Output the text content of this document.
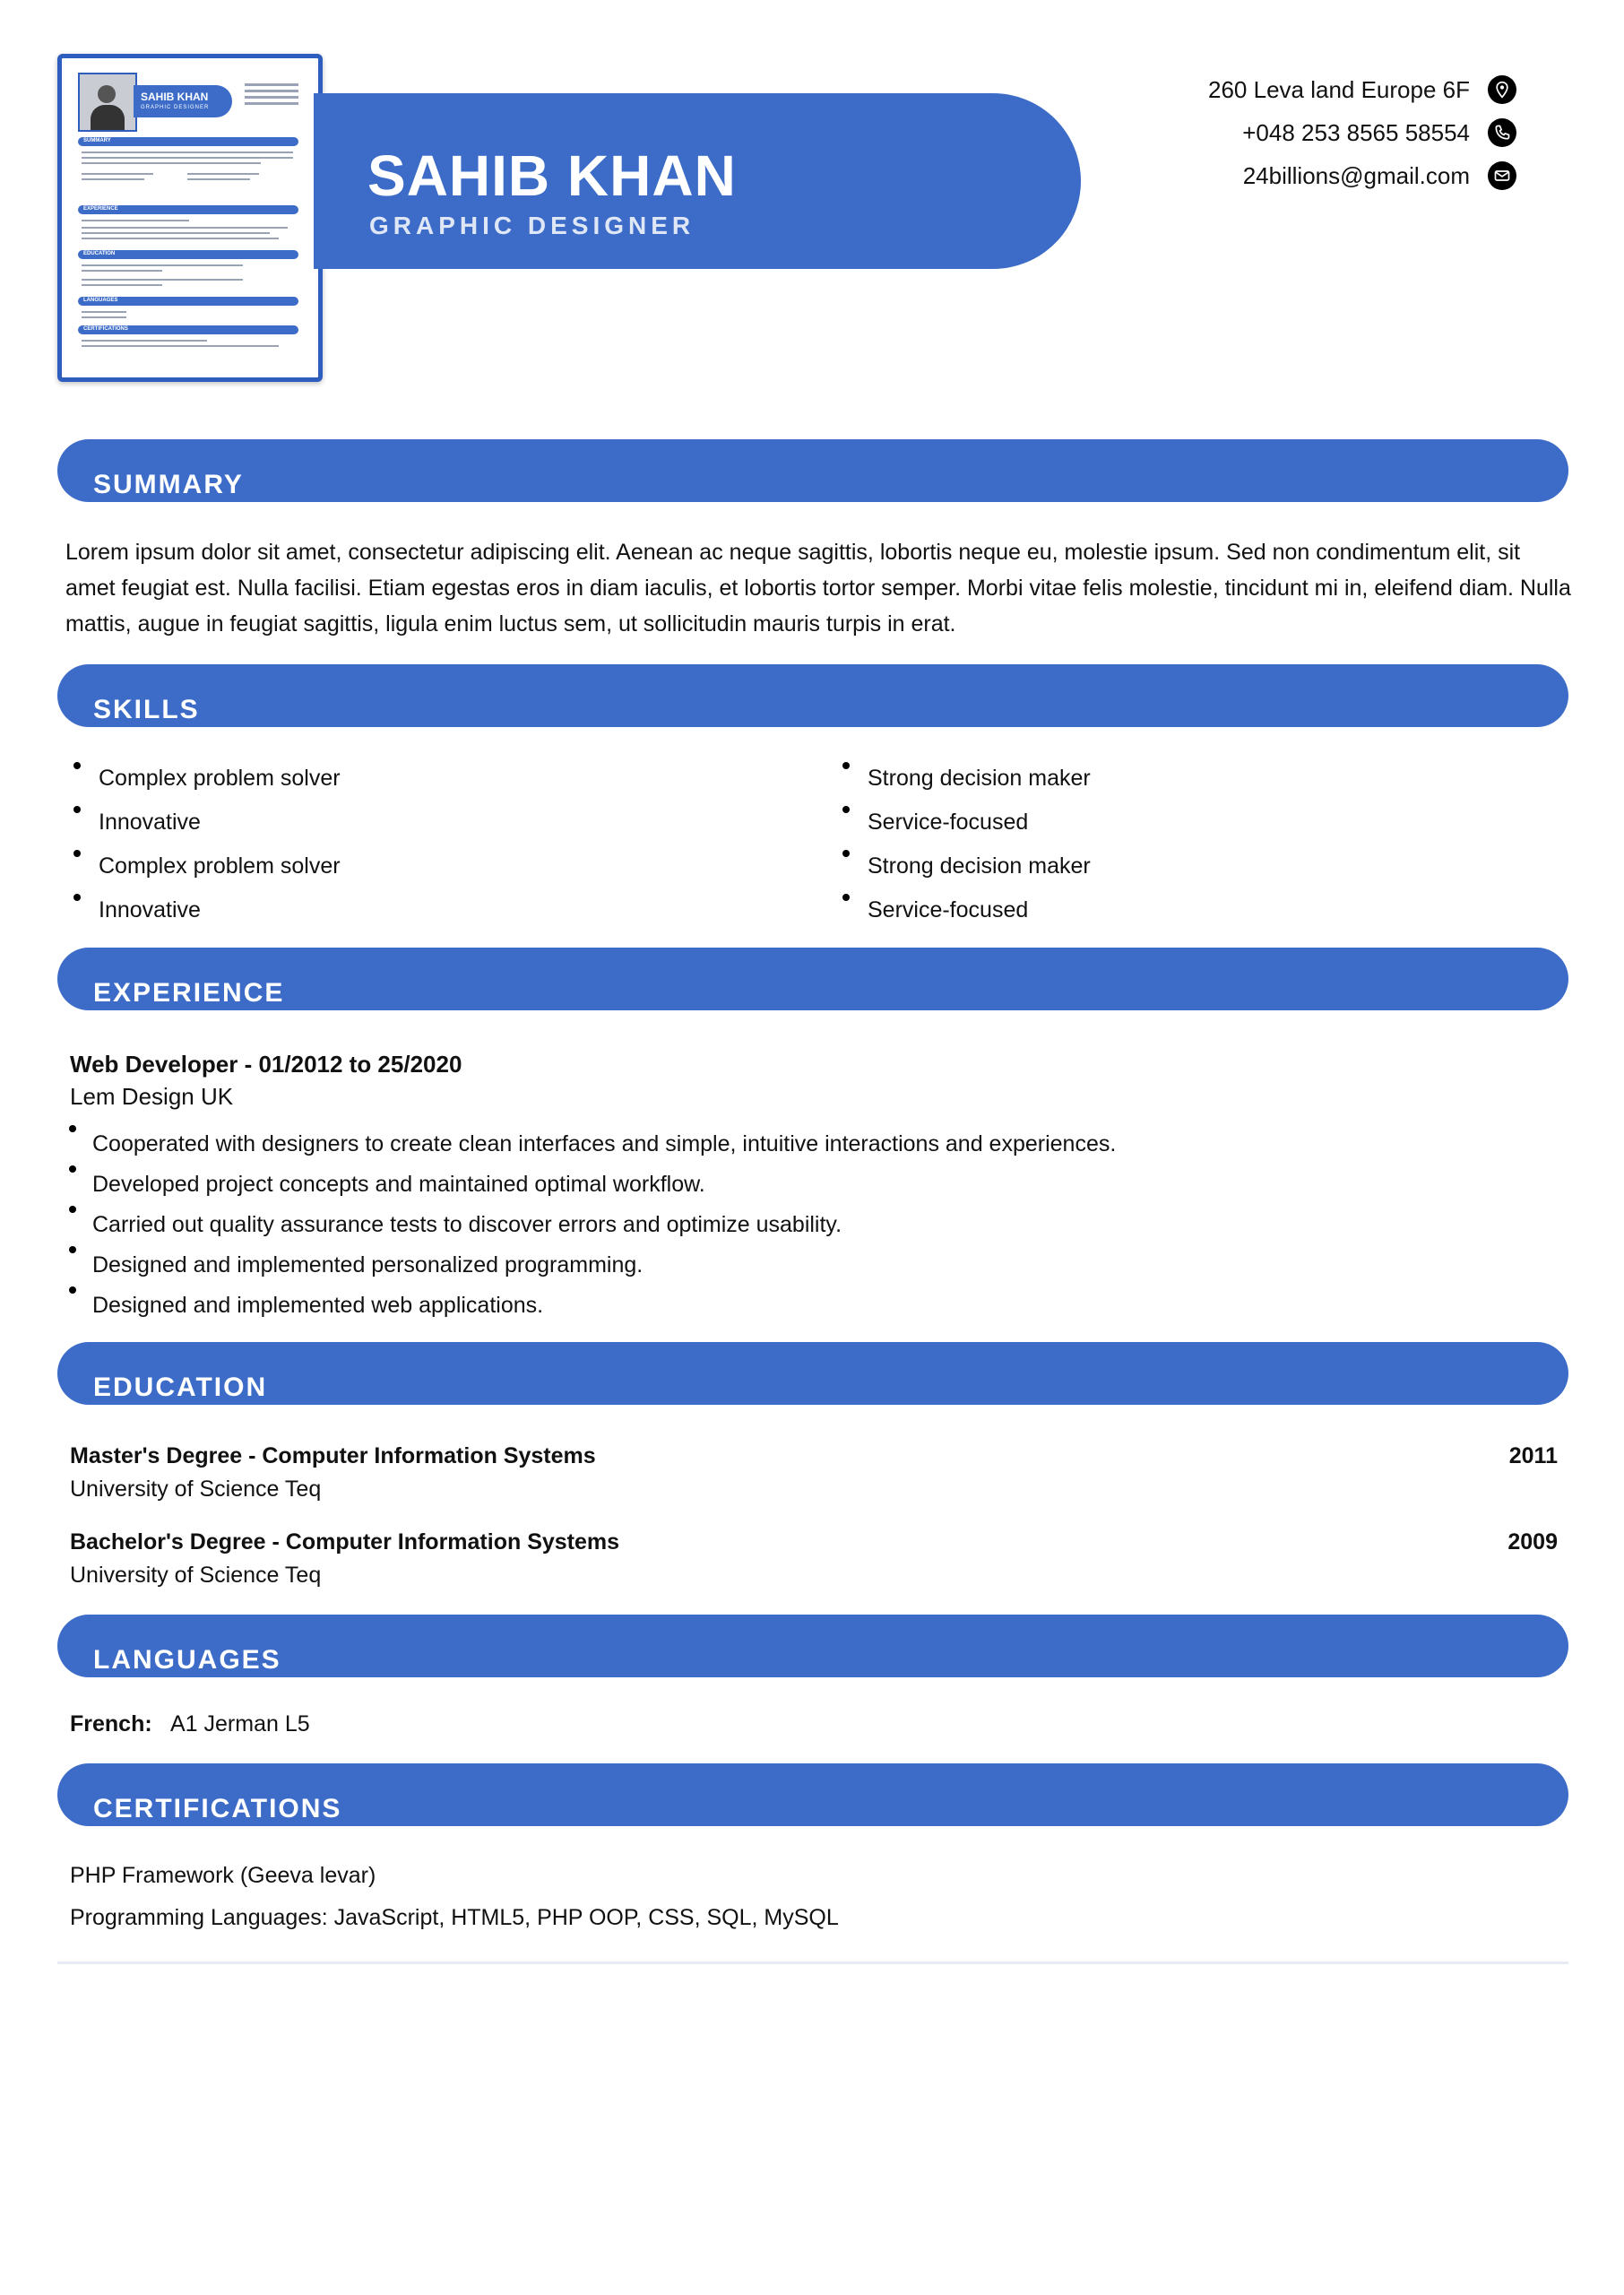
SAHIB KHAN
GRAPHIC DESIGNER
SUMMARY
EXPERIENCE
EDUCATION
LANGUAGES
CERTIFICATIONS
SAHIB KHAN
GRAPHIC DESIGNER
260 Leva land Europe 6F
+048 253 8565 58554
24billions@gmail.com
SUMMARY
Lorem ipsum dolor sit amet, consectetur adipiscing elit. Aenean ac neque sagittis, lobortis neque eu, molestie ipsum. Sed non condimentum elit, sit amet feugiat est. Nulla facilisi. Etiam egestas eros in diam iaculis, et lobortis tortor semper. Morbi vitae felis molestie, tincidunt mi in, eleifend diam. Nulla mattis, augue in feugiat sagittis, ligula enim luctus sem, ut sollicitudin mauris turpis in erat.
SKILLS
Complex problem solver
Innovative
Complex problem solver
Innovative
Strong decision maker
Service-focused
Strong decision maker
Service-focused
EXPERIENCE
Web Developer - 01/2012 to 25/2020
Lem Design UK
Cooperated with designers to create clean interfaces and simple, intuitive interactions and experiences.
Developed project concepts and maintained optimal workflow.
Carried out quality assurance tests to discover errors and optimize usability.
Designed and implemented personalized programming.
Designed and implemented web applications.
EDUCATION
Master's Degree - Computer Information Systems	2011
University of Science Teq
Bachelor's Degree - Computer Information Systems	2009
University of Science Teq
LANGUAGES
French: A1 Jerman L5
CERTIFICATIONS
PHP Framework (Geeva levar)
Programming Languages: JavaScript, HTML5, PHP OOP, CSS, SQL, MySQL
